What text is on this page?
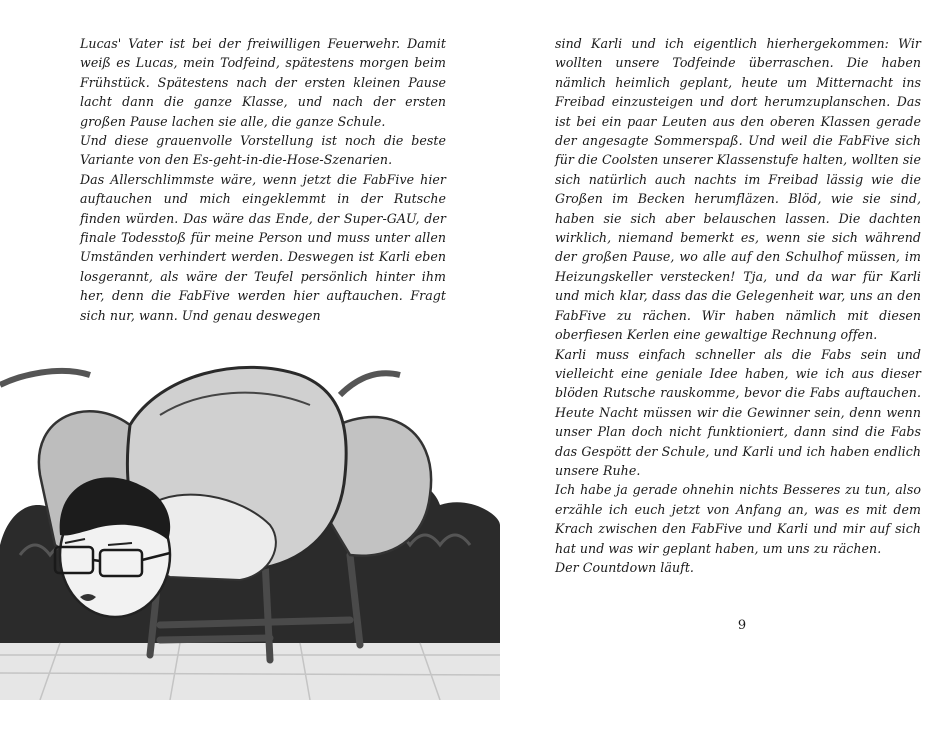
Lucas' Vater ist bei der freiwilligen Feuerwehr. Damit weiß es Lucas, mein Todfeind, spätestens morgen beim Frühstück. Spätestens nach der ersten kleinen Pause lacht dann die ganze Klasse, und nach der ersten großen Pause lachen sie alle, die ganze Schule.

Und diese grauenvolle Vorstellung ist noch die beste Variante von den Es-geht-in-die-Hose-Szenarien.

Das Allerschlimmste wäre, wenn jetzt die FabFive hier auftauchen und mich eingeklemmt in der Rutsche finden würden. Das wäre das Ende, der Super-GAU, der finale Todesstoß für meine Person und muss unter allen Umständen verhindert werden. Deswegen ist Karli eben losgerannt, als wäre der Teufel persönlich hinter ihm her, denn die FabFive werden hier auftauchen. Fragt sich nur, wann. Und genau deswegen

sind Karli und ich eigentlich hierhergekommen: Wir wollten unsere Todfeinde überraschen. Die haben nämlich heimlich geplant, heute um Mitternacht ins Freibad einzusteigen und dort herumzuplanschen. Das ist bei ein paar Leuten aus den oberen Klassen gerade der angesagte Sommerspaß. Und weil die FabFive sich für die Coolsten unserer Klassenstufe halten, wollten sie sich natürlich auch nachts im Freibad lässig wie die Großen im Becken herumfläzen. Blöd, wie sie sind, haben sie sich aber belauschen lassen. Die dachten wirklich, niemand bemerkt es, wenn sie sich während der großen Pause, wo alle auf den Schulhof müssen, im Heizungskeller verstecken! Tja, und da war für Karli und mich klar, dass das die Gelegenheit war, uns an den FabFive zu rächen. Wir haben nämlich mit diesen oberfiesen Kerlen eine gewaltige Rechnung offen.

Karli muss einfach schneller als die Fabs sein und vielleicht eine geniale Idee haben, wie ich aus dieser blöden Rutsche rauskomme, bevor die Fabs auftauchen. Heute Nacht müssen wir die Gewinner sein, denn wenn unser Plan doch nicht funktioniert, dann sind die Fabs das Gespött der Schule, und Karli und ich haben endlich unsere Ruhe.

Ich habe ja gerade ohnehin nichts Besseres zu tun, also erzähle ich euch jetzt von Anfang an, was es mit dem Krach zwischen den FabFive und Karli und mir auf sich hat und was wir geplant haben, um uns zu rächen.

Der Countdown läuft.

9
